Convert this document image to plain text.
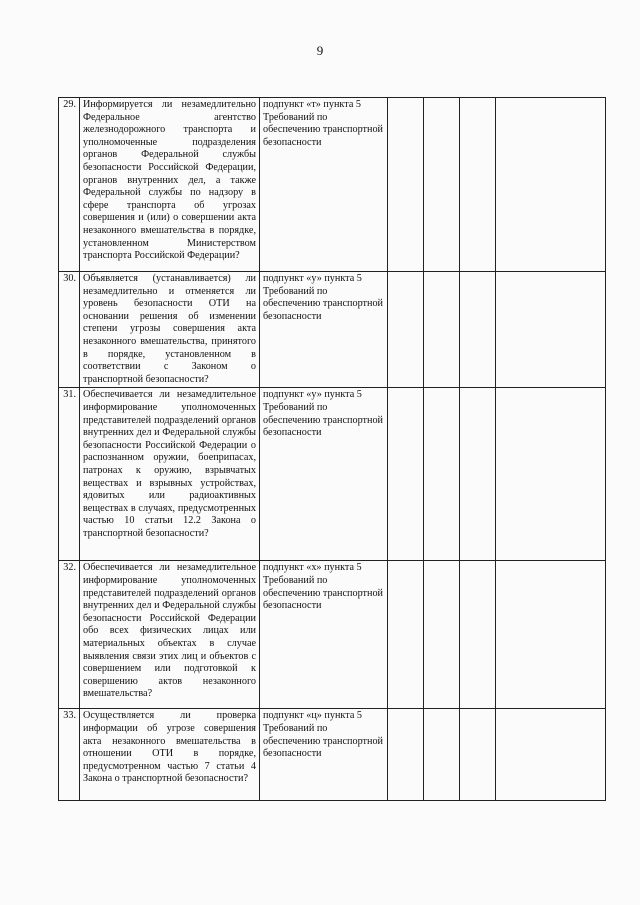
9
29.	Информируется ли незамедлительно Федеральное агентство железнодорожного транспорта и уполномоченные подразделения органов Федеральной службы безопасности Российской Федерации, органов внутренних дел, а также Федеральной службы по надзору в сфере транспорта об угрозах совершения и (или) о совершении акта незаконного вмешательства в порядке, установленном Министерством транспорта Российской Федерации?	подпункт «т» пункта 5 Требований по обеспечению транспортной безопасности				
30.	Объявляется (устанавливается) ли незамедлительно и отменяется ли уровень безопасности ОТИ на основании решения об изменении степени угрозы совершения акта незаконного вмешательства, принятого в порядке, установленном в соответствии с Законом о транспортной безопасности?	подпункт «у» пункта 5 Требований по обеспечению транспортной безопасности				
31.	Обеспечивается ли незамедлительное информирование уполномоченных представителей подразделений органов внутренних дел и Федеральной службы безопасности Российской Федерации о распознанном оружии, боеприпасах, патронах к оружию, взрывчатых веществах и взрывных устройствах, ядовитых или радиоактивных веществах в случаях, предусмотренных частью 10 статьи 12.2 Закона о транспортной безопасности?	подпункт «у» пункта 5 Требований по обеспечению транспортной безопасности				
32.	Обеспечивается ли незамедлительное информирование уполномоченных представителей подразделений органов внутренних дел и Федеральной службы безопасности Российской Федерации обо всех физических лицах или материальных объектах в случае выявления связи этих лиц и объектов с совершением или подготовкой к совершению актов незаконного вмешательства?	подпункт «х» пункта 5 Требований по обеспечению транспортной безопасности				
33.	Осуществляется ли проверка информации об угрозе совершения акта незаконного вмешательства в отношении ОТИ в порядке, предусмотренном частью 7 статьи 4 Закона о транспортной безопасности?	подпункт «ц» пункта 5 Требований по обеспечению транспортной безопасности				
